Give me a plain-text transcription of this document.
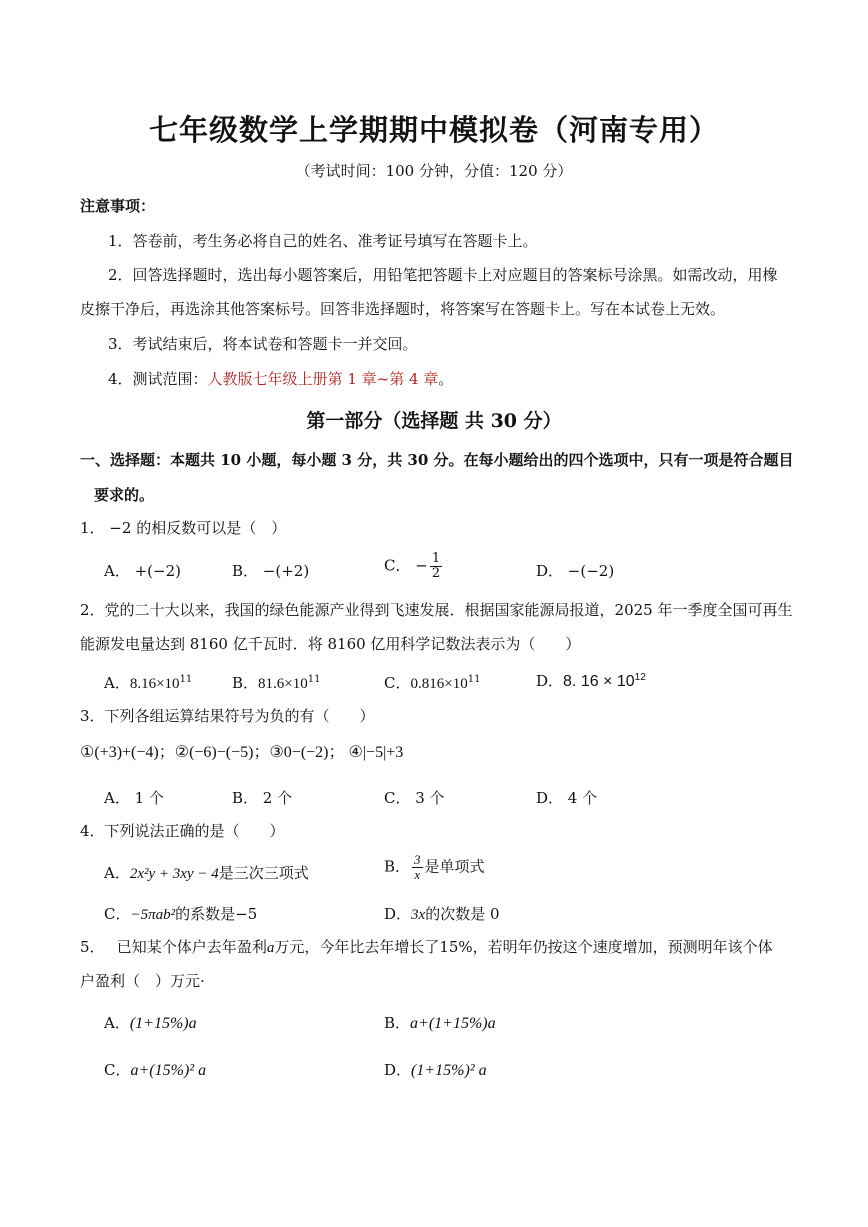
七年级数学上学期期中模拟卷（河南专用）
（考试时间：100 分钟，分值：120 分）
注意事项：
1．答卷前，考生务必将自己的姓名、准考证号填写在答题卡上。
2．回答选择题时，选出每小题答案后，用铅笔把答题卡上对应题目的答案标号涂黑。如需改动，用橡
皮擦干净后，再选涂其他答案标号。回答非选择题时，将答案写在答题卡上。写在本试卷上无效。
3．考试结束后，将本试卷和答题卡一并交回。
4．测试范围：人教版七年级上册第 1 章~第 4 章。
第一部分（选择题 共 30 分）
一、选择题：本题共 10 小题，每小题 3 分，共 30 分。在每小题给出的四个选项中，只有一项是符合题目
要求的。
1． −2 的相反数可以是（　）
A． +(−2)	B． −(+2)	C． − $\frac{1}{2}$	D． −(−2)
2．党的二十大以来，我国的绿色能源产业得到飞速发展．根据国家能源局报道，2025 年一季度全国可再生
能源发电量达到 8160 亿千瓦时．将 8160 亿用科学记数法表示为（　　）
A．$8.16\times 10^{11}$	B．$81.6\times 10^{11}$	C．$0.816\times 10^{11}$	D．8. $16 \times 10^{12}$
3．下列各组运算结果符号为负的有（　　）
①(+3)+(−4)；②(−6)−(−5)；③0−(−2)； ④|−5|+3
A． 1 个	B． 2 个	C． 3 个	D． 4 个
4．下列说法正确的是（　　）
A．2x²y + 3xy − 4是三次三项式	B． $\frac{3}{x}$ 是单项式
C．−5πab²的系数是−5	D．3x的次数是 0
5．　 已知某个体户去年盈利a万元，今年比去年增长了15%，若明年仍按这个速度增加，预测明年该个体
户盈利（　）万元·
A．(1+15%)a	B．a+(1+15%)a
C．a+(15%)² a	D．(1+15%)² a
